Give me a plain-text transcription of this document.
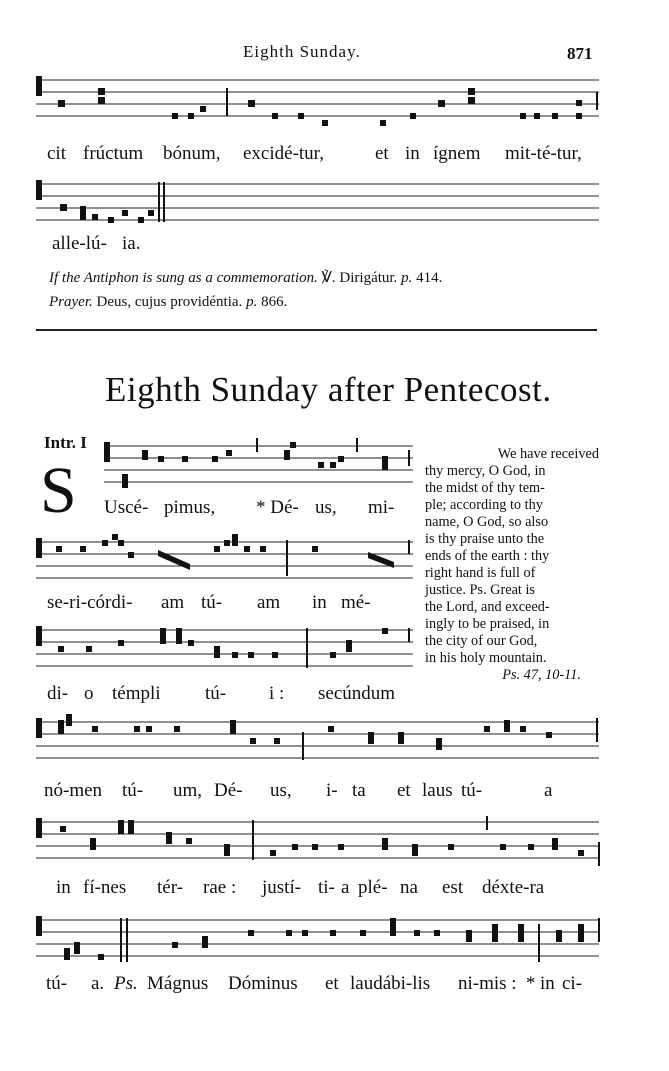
Eighth Sunday.	871
cit frúctum bónum, excidé-tur,	et in ígnem mit-té-tur,
alle-lú- ia.
If the Antiphon is sung as a commemoration. ℣. Dirigátur. p. 414.
Prayer. Deus, cujus providéntia. p. 866.
Eighth Sunday after Pentecost.
Intr. I
S Uscé- pimus, * Dé- us, mi-
se-ri-córdi- am tú- am in mé-
di- o témpli tú- i : secúndum
We have received
thy mercy, O God, in
the midst of thy tem-
ple; according to thy
name, O God, so also
is thy praise unto the
ends of the earth : thy
right hand is full of
justice. Ps. Great is
the Lord, and exceed-
ingly to be praised, in
the city of our God,
in his holy mountain.
Ps. 47, 10-11.
nó-men tú- um, Dé- us, i- ta et laus tú-	a
in fí-nes tér- rae : justí- ti- a plé- na est déxte-ra
tú- a. Ps. Mágnus Dóminus et laudábi-lis ni-mis : * in ci-
